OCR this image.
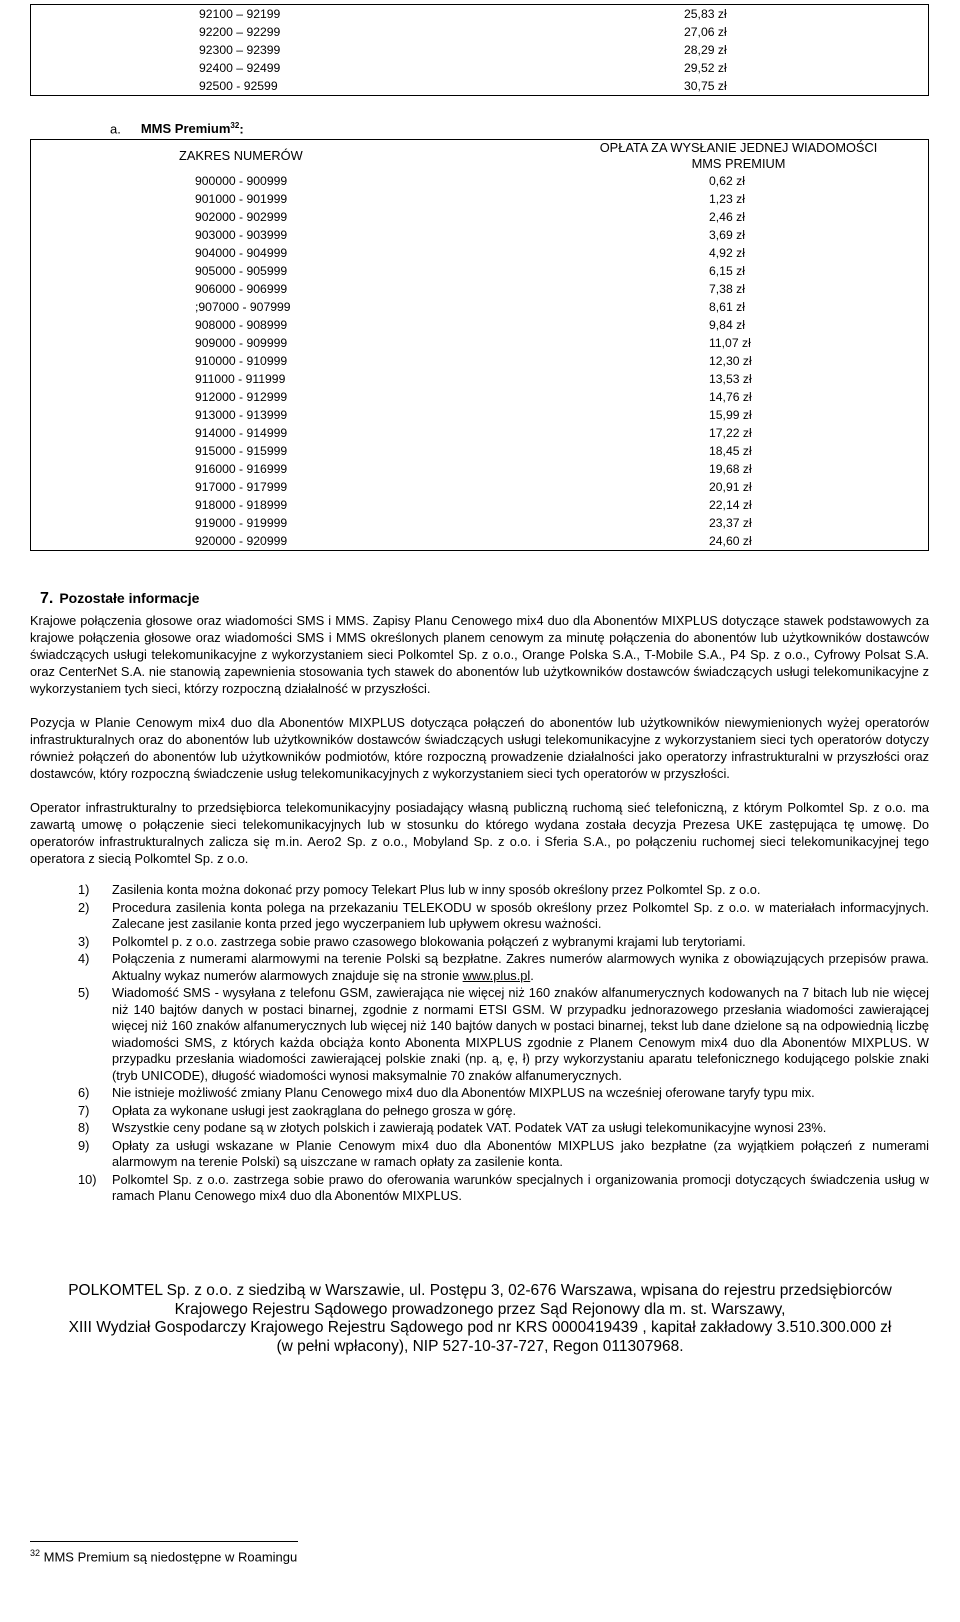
92100 – 92199	25,83 zł
92200 – 92299	27,06 zł
92300 – 92399	28,29 zł
92400 – 92499	29,52 zł
92500 - 92599	30,75 zł
a. MMS Premium$^{32}$:
ZAKRES NUMERÓW	OPŁATA ZA WYSŁANIE JEDNEJ WIADOMOŚCI MMS PREMIUM
900000 - 900999	0,62 zł
901000 - 901999	1,23 zł
902000 - 902999	2,46 zł
903000 - 903999	3,69 zł
904000 - 904999	4,92 zł
905000 - 905999	6,15 zł
906000 - 906999	7,38 zł
;907000 - 907999	8,61 zł
908000 - 908999	9,84 zł
909000 - 909999	11,07 zł
910000 - 910999	12,30 zł
911000 - 911999	13,53 zł
912000 - 912999	14,76 zł
913000 - 913999	15,99 zł
914000 - 914999	17,22 zł
915000 - 915999	18,45 zł
916000 - 916999	19,68 zł
917000 - 917999	20,91 zł
918000 - 918999	22,14 zł
919000 - 919999	23,37 zł
920000 - 920999	24,60 zł
7. Pozostałe informacje

Krajowe połączenia głosowe oraz wiadomości SMS i MMS. Zapisy Planu Cenowego mix4 duo dla Abonentów MIXPLUS dotyczące stawek podstawowych za krajowe połączenia głosowe oraz wiadomości SMS i MMS określonych planem cenowym za minutę połączenia do abonentów lub użytkowników dostawców świadczących usługi telekomunikacyjne z wykorzystaniem sieci Polkomtel Sp. z o.o., Orange Polska S.A., T-Mobile S.A., P4 Sp. z o.o., Cyfrowy Polsat S.A. oraz CenterNet S.A. nie stanowią zapewnienia stosowania tych stawek do abonentów lub użytkowników dostawców świadczących usługi telekomunikacyjne z wykorzystaniem tych sieci, którzy rozpoczną działalność w przyszłości.

Pozycja w Planie Cenowym mix4 duo dla Abonentów MIXPLUS dotycząca połączeń do abonentów lub użytkowników niewymienionych wyżej operatorów infrastrukturalnych oraz do abonentów lub użytkowników dostawców świadczących usługi telekomunikacyjne z wykorzystaniem sieci tych operatorów dotyczy również połączeń do abonentów lub użytkowników podmiotów, które rozpoczną prowadzenie działalności jako operatorzy infrastrukturalni w przyszłości oraz dostawców, który rozpoczną świadczenie usług telekomunikacyjnych z wykorzystaniem sieci tych operatorów w przyszłości.

Operator infrastrukturalny to przedsiębiorca telekomunikacyjny posiadający własną publiczną ruchomą sieć telefoniczną, z którym Polkomtel Sp. z o.o. ma zawartą umowę o połączenie sieci telekomunikacyjnych lub w stosunku do którego wydana została decyzja Prezesa UKE zastępująca tę umowę. Do operatorów infrastrukturalnych zalicza się m.in. Aero2 Sp. z o.o., Mobyland Sp. z o.o. i Sferia S.A., po połączeniu ruchomej sieci telekomunikacyjnej tego operatora z siecią Polkomtel Sp. z o.o.

1) Zasilenia konta można dokonać przy pomocy Telekart Plus lub w inny sposób określony przez Polkomtel Sp. z o.o.
2) Procedura zasilenia konta polega na przekazaniu TELEKODU w sposób określony przez Polkomtel Sp. z o.o. w materiałach informacyjnych. Zalecane jest zasilanie konta przed jego wyczerpaniem lub upływem okresu ważności.
3) Polkomtel p. z o.o. zastrzega sobie prawo czasowego blokowania połączeń z wybranymi krajami lub terytoriami.
4) Połączenia z numerami alarmowymi na terenie Polski są bezpłatne. Zakres numerów alarmowych wynika z obowiązujących przepisów prawa. Aktualny wykaz numerów alarmowych znajduje się na stronie www.plus.pl.
5) Wiadomość SMS - wysyłana z telefonu GSM, zawierająca nie więcej niż 160 znaków alfanumerycznych kodowanych na 7 bitach lub nie więcej niż 140 bajtów danych w postaci binarnej, zgodnie z normami ETSI GSM. W przypadku jednorazowego przesłania wiadomości zawierającej więcej niż 160 znaków alfanumerycznych lub więcej niż 140 bajtów danych w postaci binarnej, tekst lub dane dzielone są na odpowiednią liczbę wiadomości SMS, z których każda obciąża konto Abonenta MIXPLUS zgodnie z Planem Cenowym mix4 duo dla Abonentów MIXPLUS. W przypadku przesłania wiadomości zawierającej polskie znaki (np. ą, ę, ł) przy wykorzystaniu aparatu telefonicznego kodującego polskie znaki (tryb UNICODE), długość wiadomości wynosi maksymalnie 70 znaków alfanumerycznych.
6) Nie istnieje możliwość zmiany Planu Cenowego mix4 duo dla Abonentów MIXPLUS na wcześniej oferowane taryfy typu mix.
7) Opłata za wykonane usługi jest zaokrąglana do pełnego grosza w górę.
8) Wszystkie ceny podane są w złotych polskich i zawierają podatek VAT. Podatek VAT za usługi telekomunikacyjne wynosi 23%.
9) Opłaty za usługi wskazane w Planie Cenowym mix4 duo dla Abonentów MIXPLUS jako bezpłatne (za wyjątkiem połączeń z numerami alarmowym na terenie Polski) są uiszczane w ramach opłaty za zasilenie konta.
10) Polkomtel Sp. z o.o. zastrzega sobie prawo do oferowania warunków specjalnych i organizowania promocji dotyczących świadczenia usług w ramach Planu Cenowego mix4 duo dla Abonentów MIXPLUS.
POLKOMTEL Sp. z o.o. z siedzibą w Warszawie, ul. Postępu 3, 02-676 Warszawa, wpisana do rejestru przedsiębiorców
Krajowego Rejestru Sądowego prowadzonego przez Sąd Rejonowy dla m. st. Warszawy,
XIII Wydział Gospodarczy Krajowego Rejestru Sądowego pod nr KRS 0000419439 , kapitał zakładowy 3.510.300.000 zł
(w pełni wpłacony), NIP 527-10-37-727, Regon 011307968.
$^{32}$ MMS Premium są niedostępne w Roamingu
